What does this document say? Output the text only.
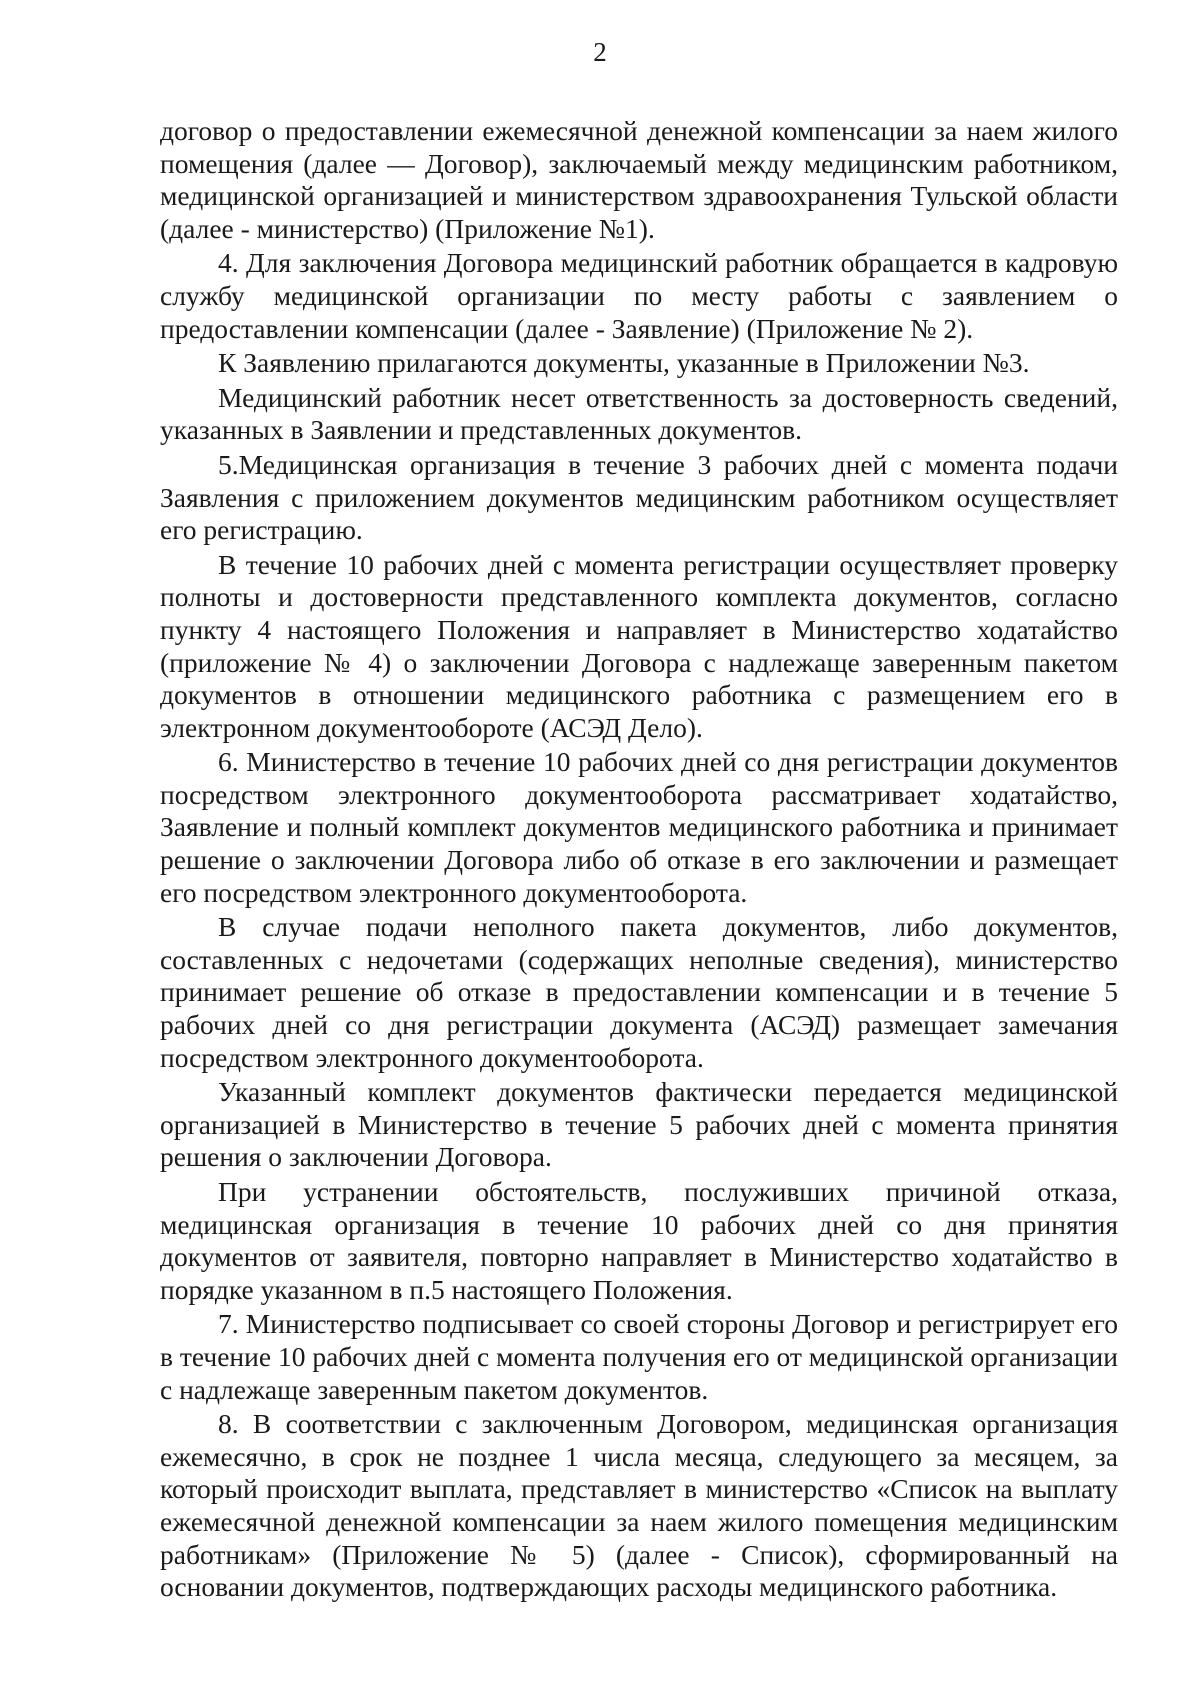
2

договор о предоставлении ежемесячной денежной компенсации за наем жилого помещения (далее — Договор), заключаемый между медицинским работником, медицинской организацией и министерством здравоохранения Тульской области (далее - министерство) (Приложение №1).

4. Для заключения Договора медицинский работник обращается в кадровую службу медицинской организации по месту работы с заявлением о предоставлении компенсации (далее - Заявление) (Приложение № 2).

К Заявлению прилагаются документы, указанные в Приложении №3.

Медицинский работник несет ответственность за достоверность сведений, указанных в Заявлении и представленных документов.

5.Медицинская организация в течение 3 рабочих дней с момента подачи Заявления с приложением документов медицинским работником осуществляет его регистрацию.

В течение 10 рабочих дней с момента регистрации осуществляет проверку полноты и достоверности представленного комплекта документов, согласно пункту 4 настоящего Положения и направляет в Министерство ходатайство (приложение № 4) о заключении Договора с надлежаще заверенным пакетом документов в отношении медицинского работника с размещением его в электронном документообороте (АСЭД Дело).

6. Министерство в течение 10 рабочих дней со дня регистрации документов посредством электронного документооборота рассматривает ходатайство, Заявление и полный комплект документов медицинского работника и принимает решение о заключении Договора либо об отказе в его заключении и размещает его посредством электронного документооборота.

В случае подачи неполного пакета документов, либо документов, составленных с недочетами (содержащих неполные сведения), министерство принимает решение об отказе в предоставлении компенсации и в течение 5 рабочих дней со дня регистрации документа (АСЭД) размещает замечания посредством электронного документооборота.

Указанный комплект документов фактически передается медицинской организацией в Министерство в течение 5 рабочих дней с момента принятия решения о заключении Договора.

При устранении обстоятельств, послуживших причиной отказа, медицинская организация в течение 10 рабочих дней со дня принятия документов от заявителя, повторно направляет в Министерство ходатайство в порядке указанном в п.5 настоящего Положения.

7. Министерство подписывает со своей стороны Договор и регистрирует его в течение 10 рабочих дней с момента получения его от медицинской организации с надлежаще заверенным пакетом документов.

8. В соответствии с заключенным Договором, медицинская организация ежемесячно, в срок не позднее 1 числа месяца, следующего за месяцем, за который происходит выплата, представляет в министерство «Список на выплату ежемесячной денежной компенсации за наем жилого помещения медицинским работникам» (Приложение № 5) (далее - Список), сформированный на основании документов, подтверждающих расходы медицинского работника.
